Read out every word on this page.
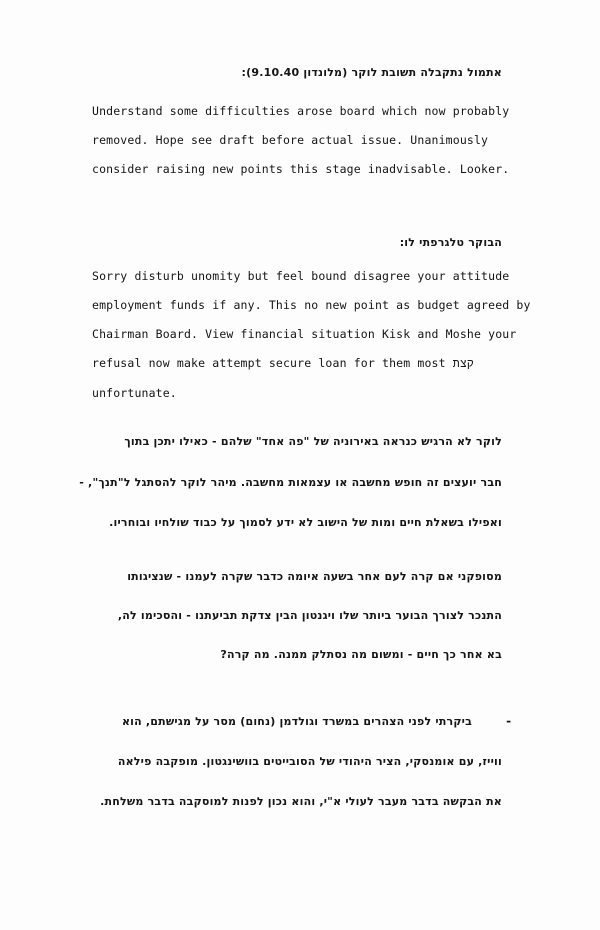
אתמול נתקבלה תשובת לוקר (מלונדון 9.10.40):
Understand some difficulties arose board which now probably
removed. Hope see draft before actual issue. Unanimously
consider raising new points this stage inadvisable. Looker.
הבוקר טלגרפתי לו:
Sorry disturb unomity but feel bound disagree your attitude
employment funds if any. This no new point as budget agreed by
Chairman Board. View financial situation Kisk and Moshe your
refusal now make attempt secure loan for them most קצת
unfortunate.
לוקר לא הרגיש כנראה באירוניה של "פה אחד" שלהם - כאילו יתכן בתוך
חבר יועצים זה חופש מחשבה או עצמאות מחשבה. מיהר לוקר להסתגל ל"תנך", -
ואפילו בשאלת חיים ומות של הישוב לא ידע לסמוך על כבוד שולחיו ובוחריו.
מסופקני אם קרה לעם אחר בשעה איומה כדבר שקרה לעמנו - שנציגותו
התנכר לצורך הבוער ביותר שלו ויגנטון הבין צדקת תביעתנו - והסכימו לה,
בא אחר כך חיים - ומשום מה נסתלק ממנה. מה קרה?
-
ביקרתי לפני הצהרים במשרד וגולדמן (נחום) מסר על מגישתם, הוא
ווייז, עם אומנסקי, הציר היהודי של הסובייטים בוושינגטון. מופקבה פילאה
את הבקשה בדבר מעבר לעולי א"י, והוא נכון לפנות למוסקבה בדבר משלחת.
